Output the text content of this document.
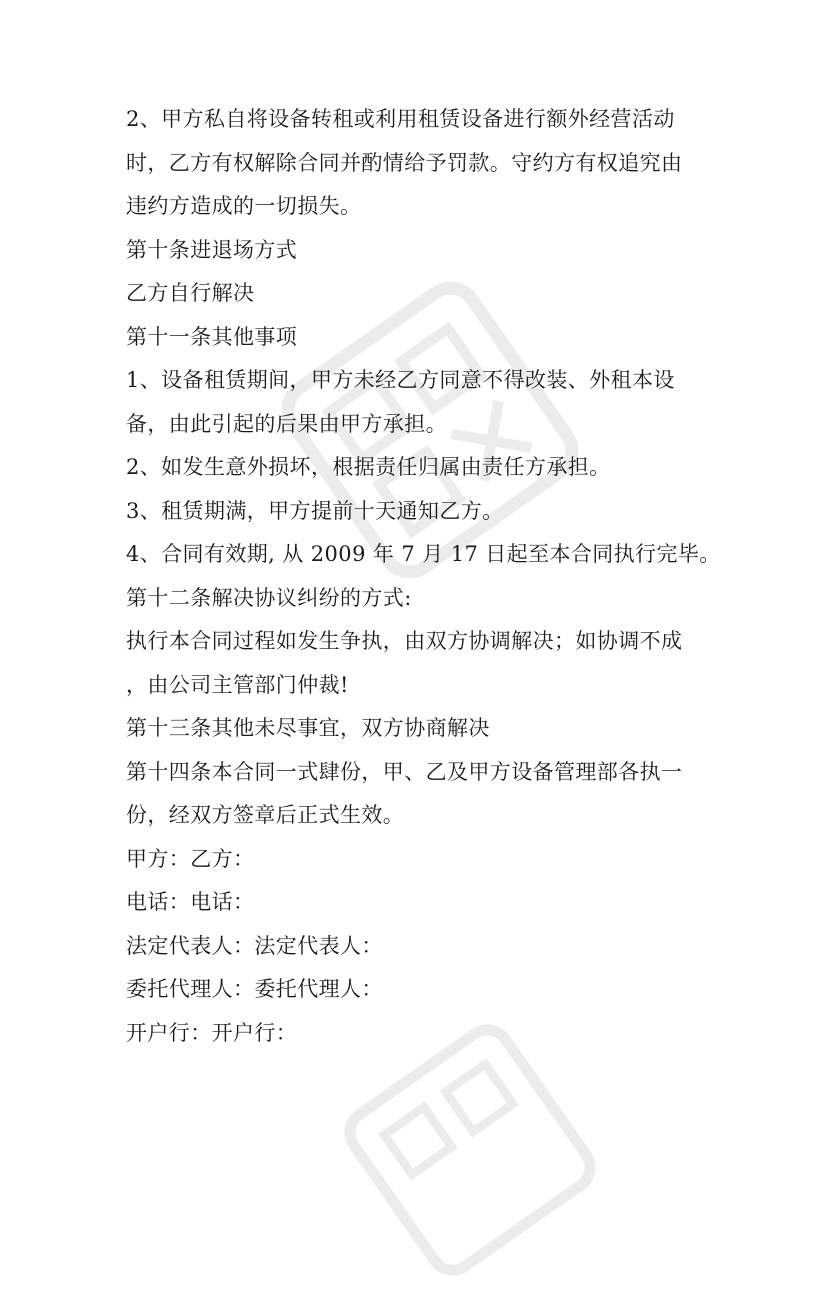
2、甲方私自将设备转租或利用租赁设备进行额外经营活动
时，乙方有权解除合同并酌情给予罚款。守约方有权追究由
违约方造成的一切损失。
第十条进退场方式
乙方自行解决
第十一条其他事项
1、设备租赁期间，甲方未经乙方同意不得改装、外租本设
备，由此引起的后果由甲方承担。
2、如发生意外损坏，根据责任归属由责任方承担。
3、租赁期满，甲方提前十天通知乙方。
4、合同有效期, 从 2009 年 7 月 17 日起至本合同执行完毕。
第十二条解决协议纠纷的方式:
执行本合同过程如发生争执，由双方协调解决；如协调不成
，由公司主管部门仲裁!
第十三条其他未尽事宜，双方协商解决
第十四条本合同一式肆份，甲、乙及甲方设备管理部各执一
份，经双方签章后正式生效。
甲方：乙方：
电话：电话：
法定代表人：法定代表人：
委托代理人：委托代理人：
开户行：开户行：
